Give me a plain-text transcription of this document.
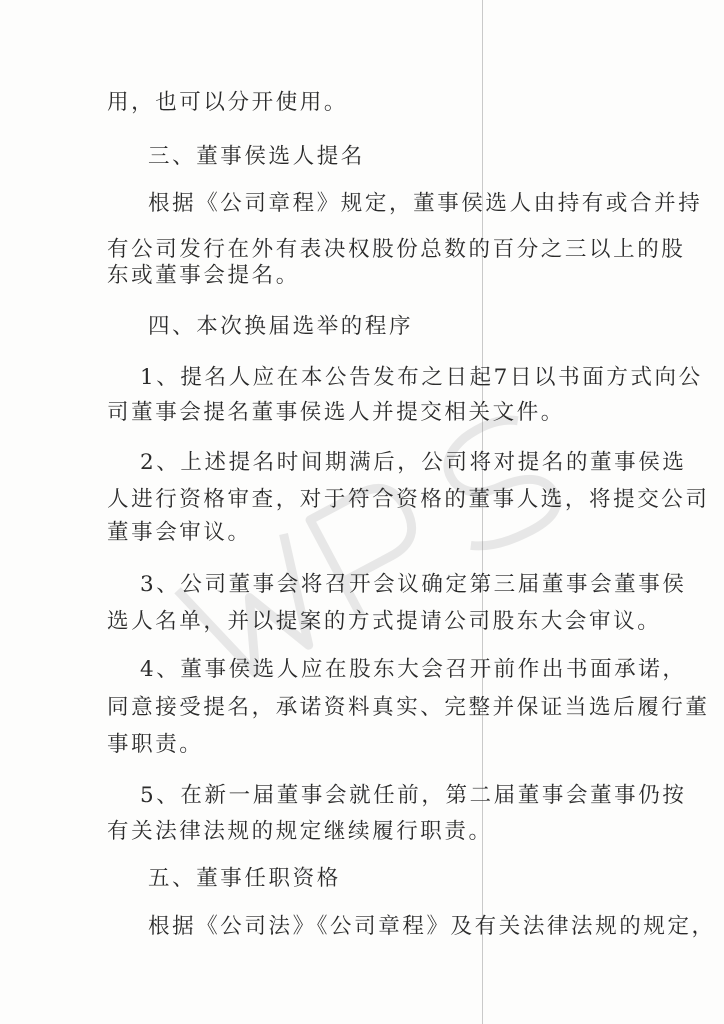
用，也可以分开使用。
三、董事侯选人提名
根据《公司章程》规定，董事侯选人由持有或合并持
有公司发行在外有表决权股份总数的百分之三以上的股
东或董事会提名。
四、本次换届选举的程序
1、提名人应在本公告发布之日起7日以书面方式向公
司董事会提名董事侯选人并提交相关文件。
2、上述提名时间期满后，公司将对提名的董事侯选
人进行资格审查，对于符合资格的董事人选，将提交公司
董事会审议。
3、公司董事会将召开会议确定第三届董事会董事侯
选人名单，并以提案的方式提请公司股东大会审议。
4、董事侯选人应在股东大会召开前作出书面承诺，
同意接受提名，承诺资料真实、完整并保证当选后履行董
事职责。
5、在新一届董事会就任前，第二届董事会董事仍按
有关法律法规的规定继续履行职责。
五、董事任职资格
根据《公司法》《公司章程》及有关法律法规的规定，
